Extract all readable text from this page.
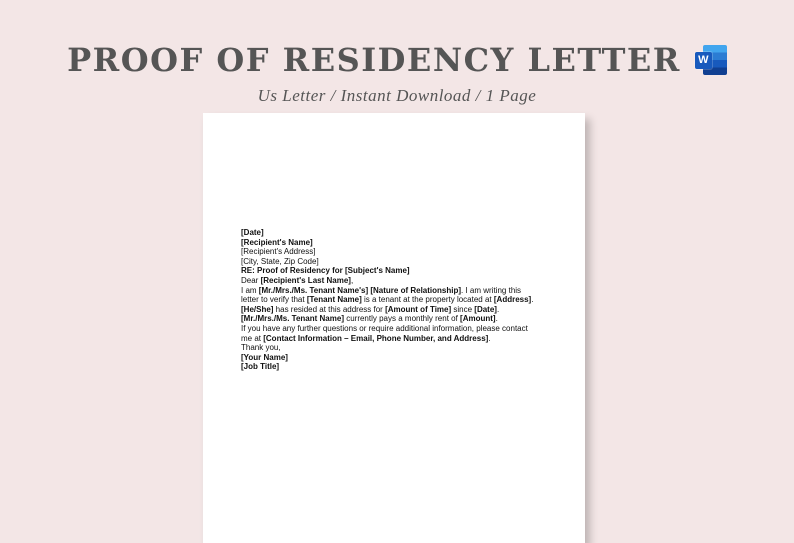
PROOF OF RESIDENCY LETTER W
Us Letter / Instant Download / 1 Page

[Date]

[Recipient's Name]

[Recipient's Address]

[City, State, Zip Code]

RE: Proof of Residency for [Subject's Name]

Dear [Recipient's Last Name],

I am [Mr./Mrs./Ms. Tenant Name's] [Nature of Relationship]. I am writing this letter to verify that [Tenant Name] is a tenant at the property located at [Address]. [He/She] has resided at this address for [Amount of Time] since [Date]. [Mr./Mrs./Ms. Tenant Name] currently pays a monthly rent of [Amount].

If you have any further questions or require additional information, please contact me at [Contact Information – Email, Phone Number, and Address].

Thank you,

[Your Name]

[Job Title]
